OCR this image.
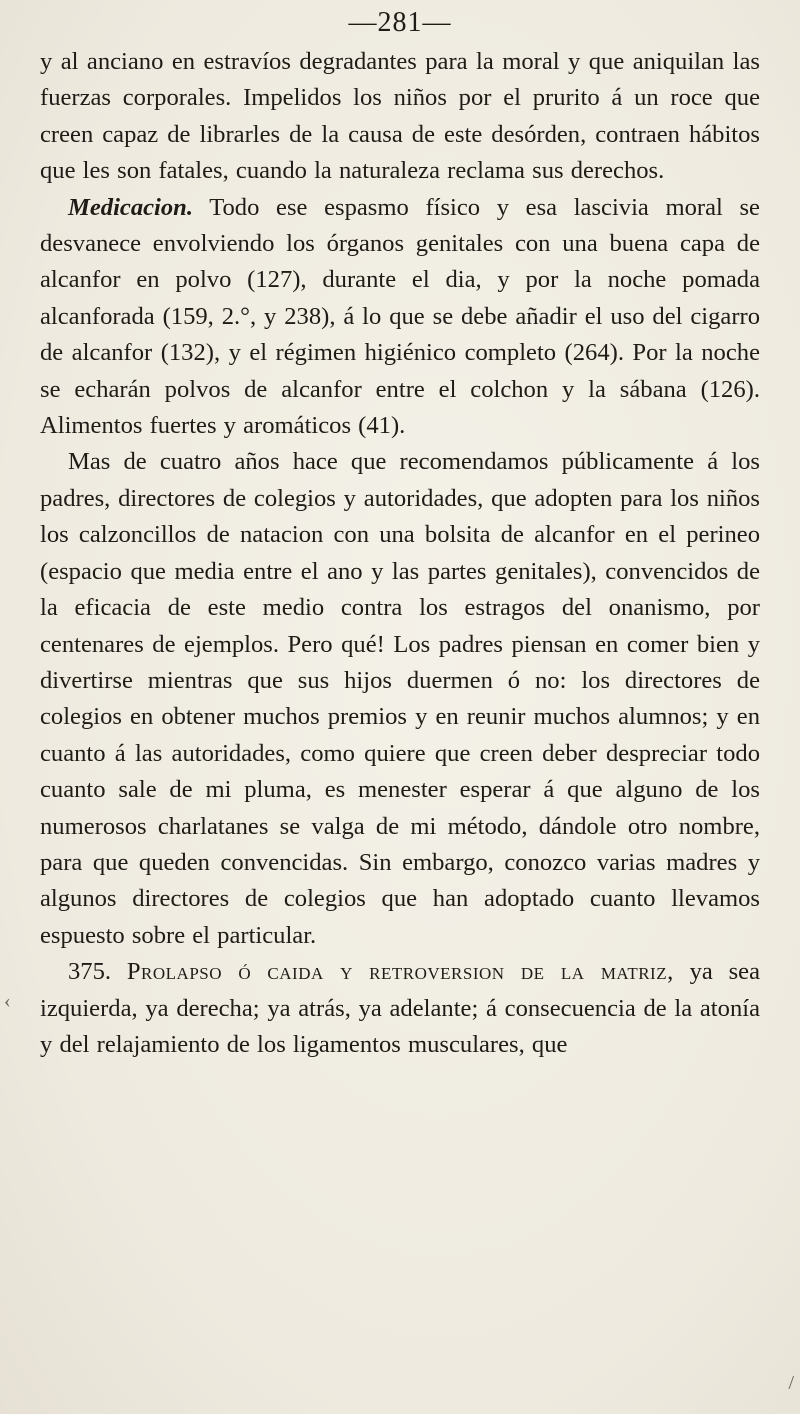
—281—

y al anciano en estravíos degradantes para la moral y que aniquilan las fuerzas corporales. Impelidos los niños por el prurito á un roce que creen capaz de librarles de la causa de este desórden, contraen hábitos que les son fatales, cuando la naturaleza reclama sus derechos.

Medicacion. Todo ese espasmo físico y esa lascivia moral se desvanece envolviendo los órganos genitales con una buena capa de alcanfor en polvo (127), durante el dia, y por la noche pomada alcanforada (159, 2.°, y 238), á lo que se debe añadir el uso del cigarro de alcanfor (132), y el régimen higiénico completo (264). Por la noche se echarán polvos de alcanfor entre el colchon y la sábana (126). Alimentos fuertes y aromáticos (41).

Mas de cuatro años hace que recomendamos públicamente á los padres, directores de colegios y autoridades, que adopten para los niños los calzoncillos de natacion con una bolsita de alcanfor en el perineo (espacio que media entre el ano y las partes genitales), convencidos de la eficacia de este medio contra los estragos del onanismo, por centenares de ejemplos. Pero qué! Los padres piensan en comer bien y divertirse mientras que sus hijos duermen ó no: los directores de colegios en obtener muchos premios y en reunir muchos alumnos; y en cuanto á las autoridades, como quiere que creen deber despreciar todo cuanto sale de mi pluma, es menester esperar á que alguno de los numerosos charlatanes se valga de mi método, dándole otro nombre, para que queden convencidas. Sin embargo, conozco varias madres y algunos directores de colegios que han adoptado cuanto llevamos espuesto sobre el particular.

375. Prolapso ó caida y retroversion de la matriz, ya sea izquierda, ya derecha; ya atrás, ya adelante; á consecuencia de la atonía y del relajamiento de los ligamentos musculares, que

‹
/
